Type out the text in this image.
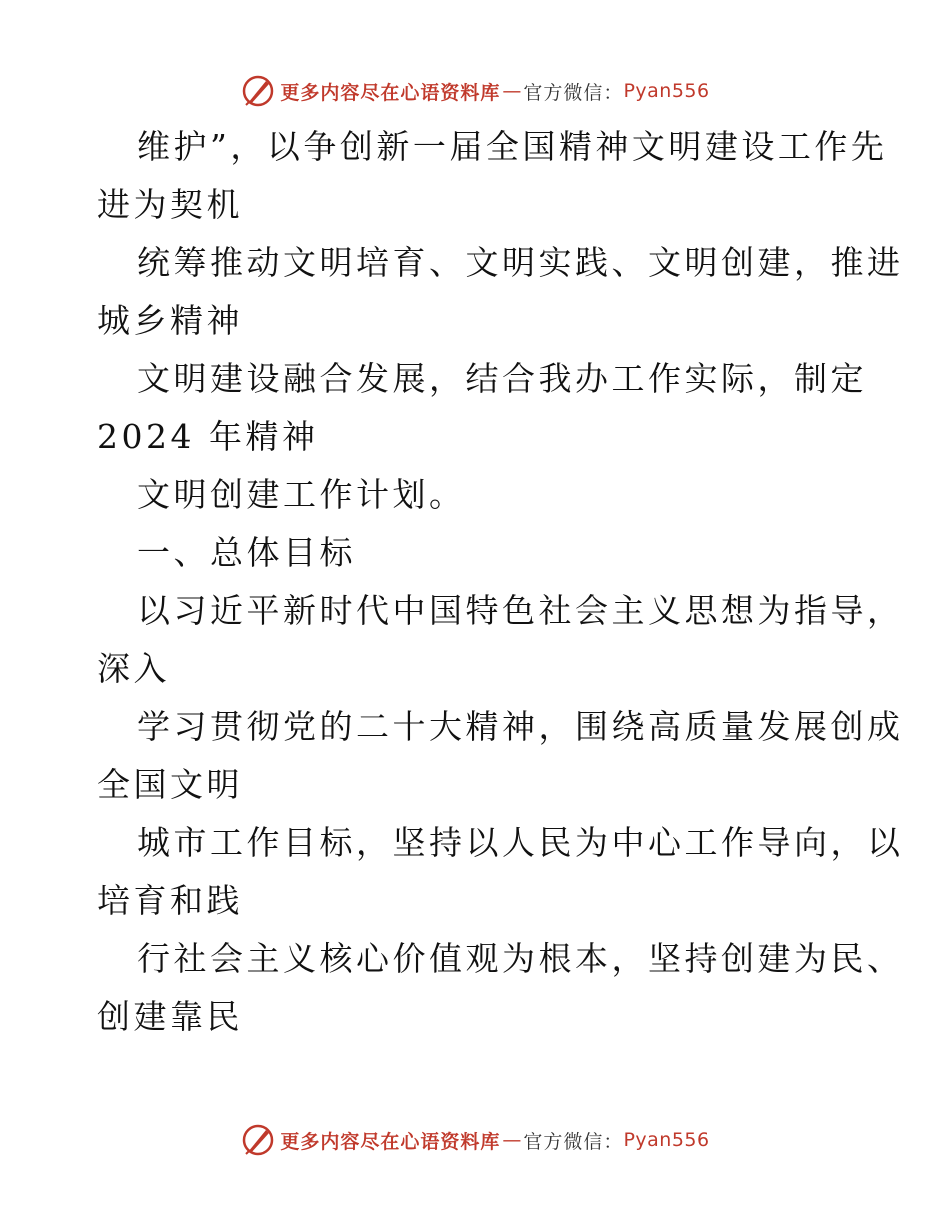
更多内容尽在心语资料库 — 官方微信： Pyan556

维护”，以争创新一届全国精神文明建设工作先

进为契机

统筹推动文明培育、文明实践、文明创建，推进

城乡精神

文明建设融合发展，结合我办工作实际，制定

2024 年精神

文明创建工作计划。

一、总体目标

以习近平新时代中国特色社会主义思想为指导，

深入

学习贯彻党的二十大精神，围绕高质量发展创成

全国文明

城市工作目标，坚持以人民为中心工作导向，以

培育和践

行社会主义核心价值观为根本，坚持创建为民、

创建靠民

更多内容尽在心语资料库 — 官方微信： Pyan556
